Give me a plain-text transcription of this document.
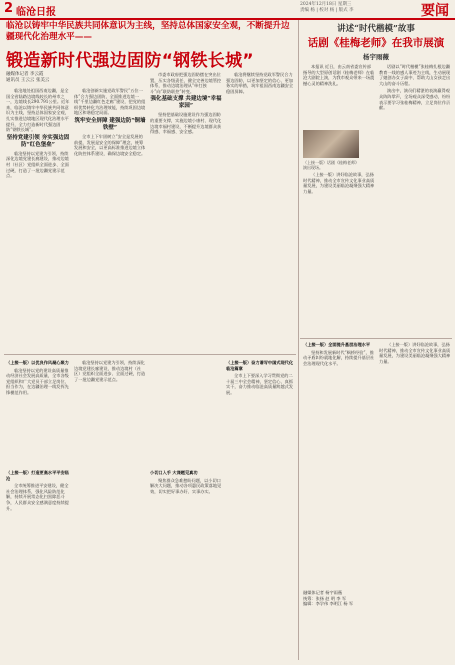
2 临沧日报
2024年12月18日 星期三
责编 杨 | 校对 杨 | 版式 李	要闻
临沧以铸牢中华民族共同体意识为主线，坚持总体国家安全观，不断提升边疆现代化治理水平——
锻造新时代强边固防“钢铁长城”
融媒体记者 李云霞
通讯员 王云云 张美云

临沧地处祖国西南边疆，是全国全省陆路边境线较长的州市之一，边境线长290.791公里。近年来，临沧以铸牢中华民族共同体意识为主线，坚持总体国家安全观，扎实推进边境地区现代化治理水平提升，全力打造新时代强边固防“钢铁长城”。

坚持党建引领 夯实强边固防“红色堡垒”

临沧坚持以党建为引领，持续深化边境党建长廊建设，推动边境村（社区）党组织全面进步、全面过硬，打造了一批边疆党建示范点。

临沧创新实施党政军警民“五位一体”合力强边固防，全面推进边境一线“千里边疆红色走廊”建设，把党的组织优势转化为治理效能，持续巩固边境地区和谐稳定局面。

筑牢安全屏障 建强边防“铜墙铁壁”

全市上下牢固树立“安全是发展的前提，发展是安全的保障”理念，统筹发展和安全，以更高标准推进边境立体化防控体系建设，确保边境安全稳定。

市委市政府把强边固防摆在突出位置，压实各级责任，健全完善边境管控体系，推动边境治理从“单打独斗”向“联防联控”转变。

强化基础支撑 共建边境“幸福家园”

坚持把基础设施建设作为强边固防的重要支撑，实施边境小康村、现代化边境幸福村建设，不断提升边境群众获得感、幸福感、安全感。

临沧将继续坚持党政军警民合力强边固防，以更加坚定的信心、更加务实的举措，筑牢祖国西南边疆安全稳固屏障。

讲述“时代楷模”故事
话剧《桂梅老师》在我市展演
杨宇雨薇

本报讯 近日，由云南省委宣传部指导的大型原创话剧《桂梅老师》在临沧大剧院上演，为我市观众带来一场震撼心灵的精神洗礼。

话剧以“时代楷模”张桂梅扎根边疆教育一线的感人事迹为主线，生动展现了她创办女子高中、帮助大山女孩走出大山的奋斗历程。

演出中，演员们精湛的表演赢得观众阵阵掌声，全场观众深受感动，纷纷表示要学习张桂梅精神，立足岗位作贡献。

（上接一版）话剧《桂梅老师》演出现场。

（上接一版）讲好临沧故事，弘扬时代精神，推动全市宣传文化事业高质量发展，为建设美丽临沧凝聚强大精神力量。

融媒体记者 杨宇雨薇
统筹：张扬 赵 明 李 军
编辑：李学伟 李明江 杨 军

（上接一版）以优良作风凝心聚力

临沧坚持以党的建设高质量推动经济社会发展高质量，全市各级党组织和广大党员干部立足岗位、担当作为，在边疆治理一线发挥先锋模范作用。

（上接一版）打造更高水平平安临沧

全市统筹推进平安建设，健全社会治理体系，强化风险防范化解，持续开展常态化扫黑除恶斗争，人民群众安全感满意度持续提升。

临沧坚持以党建为引领，持续深化边境党建长廊建设，推动边境村（社区）党组织全面进步、全面过硬，打造了一批边疆党建示范点。

小切口入手 大课题见真功

聚焦群众急难愁盼问题，以小切口解决大问题，推动各项惠民政策落地见效，切实把好事办好、实事办实。

（上接一版）奋力谱写中国式现代化临沧篇章

全市上下要深入学习贯彻党的二十届三中全会精神，坚定信心、真抓实干，奋力推动临沧高质量跨越式发展。

（上接一版）全面提升基层治理水平

坚持和发展新时代“枫桥经验”，推动矛盾纠纷就地化解，持续提升基层社会治理现代化水平。

（上接一版）讲好临沧故事，弘扬时代精神，推动全市宣传文化事业高质量发展，为建设美丽临沧凝聚强大精神力量。
